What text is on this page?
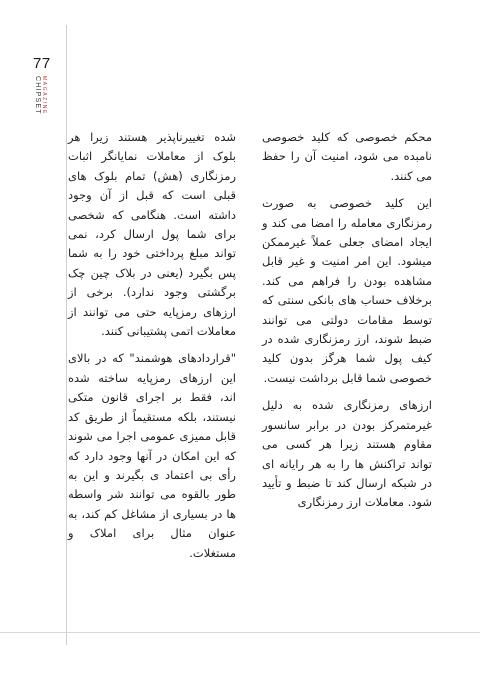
77
MAGAZINE
CHIPSET

محکم خصوصی که کلید خصوصی نامبده می شود، امنیت آن را حفظ می کنند.

این کلید خصوصی به صورت رمزنگاری معامله را امضا می کند و ایجاد امضای جعلی عملاً غیرممکن میشود. این امر امنیت و غیر قابل مشاهده بودن را فراهم می کند. برخلاف حساب های بانکی سنتی که توسط مقامات دولتی می توانند ضبط شوند، ارز رمزنگاری شده در کیف پول شما هرگز بدون کلید خصوصی شما قابل برداشت نیست.

ارزهای رمزنگاری شده به دلیل غیرمتمرکز بودن در برابر سانسور مقاوم هستند زیرا هر کسی می تواند تراکنش ها را به هر رایانه ای در شبکه ارسال کند تا ضبط و تأیید شود. معاملات ارز رمزنگاری

شده تغییرناپذیر هستند زیرا هر بلوک از معاملات نمایانگر اثبات رمزنگاری (هش) تمام بلوک های قبلی است که قبل از آن وجود داشته است. هنگامی که شخصی برای شما پول ارسال کرد، نمی تواند مبلغ پرداختی خود را به شما پس بگیرد (یعنی در بلاک چین چک برگشتی وجود ندارد). برخی از ارزهای رمزپایه حتی می توانند از معاملات اتمی پشتیبانی کنند.

"قراردادهای هوشمند" که در بالای این ارزهای رمزپایه ساخته شده اند، فقط بر اجرای قانون متکی نیستند، بلکه مستقیماً از طریق کد قابل ممیزی عمومی اجرا می شوند که این امکان در آنها وجود دارد که رأی بی اعتماد ی بگیرند و این به طور بالقوه می توانند شر واسطه ها در بسیاری از مشاغل کم کند، به عنوان مثال برای املاک و مستغلات.
